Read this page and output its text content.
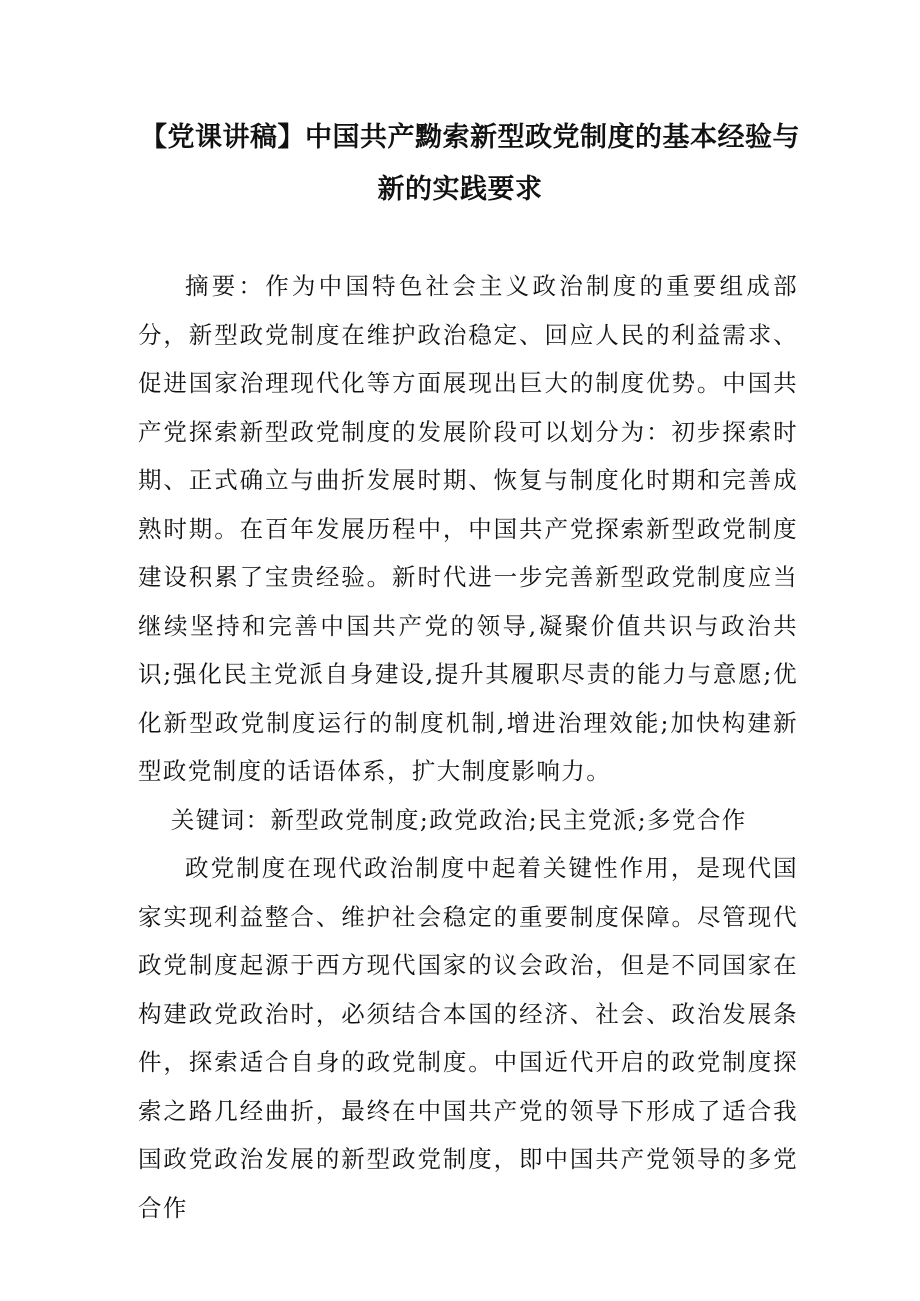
【党课讲稿】中国共产黝索新型政党制度的基本经验与
新的实践要求

摘要：作为中国特色社会主义政治制度的重要组成部分，新型政党制度在维护政治稳定、回应人民的利益需求、促进国家治理现代化等方面展现出巨大的制度优势。中国共产党探索新型政党制度的发展阶段可以划分为：初步探索时期、正式确立与曲折发展时期、恢复与制度化时期和完善成熟时期。在百年发展历程中，中国共产党探索新型政党制度建设积累了宝贵经验。新时代进一步完善新型政党制度应当继续坚持和完善中国共产党的领导,凝聚价值共识与政治共识;强化民主党派自身建设,提升其履职尽责的能力与意愿;优化新型政党制度运行的制度机制,增进治理效能;加快构建新型政党制度的话语体系，扩大制度影响力。

关键词：新型政党制度;政党政治;民主党派;多党合作

政党制度在现代政治制度中起着关键性作用，是现代国家实现利益整合、维护社会稳定的重要制度保障。尽管现代政党制度起源于西方现代国家的议会政治，但是不同国家在构建政党政治时，必须结合本国的经济、社会、政治发展条件，探索适合自身的政党制度。中国近代开启的政党制度探索之路几经曲折，最终在中国共产党的领导下形成了适合我国政党政治发展的新型政党制度，即中国共产党领导的多党合作
